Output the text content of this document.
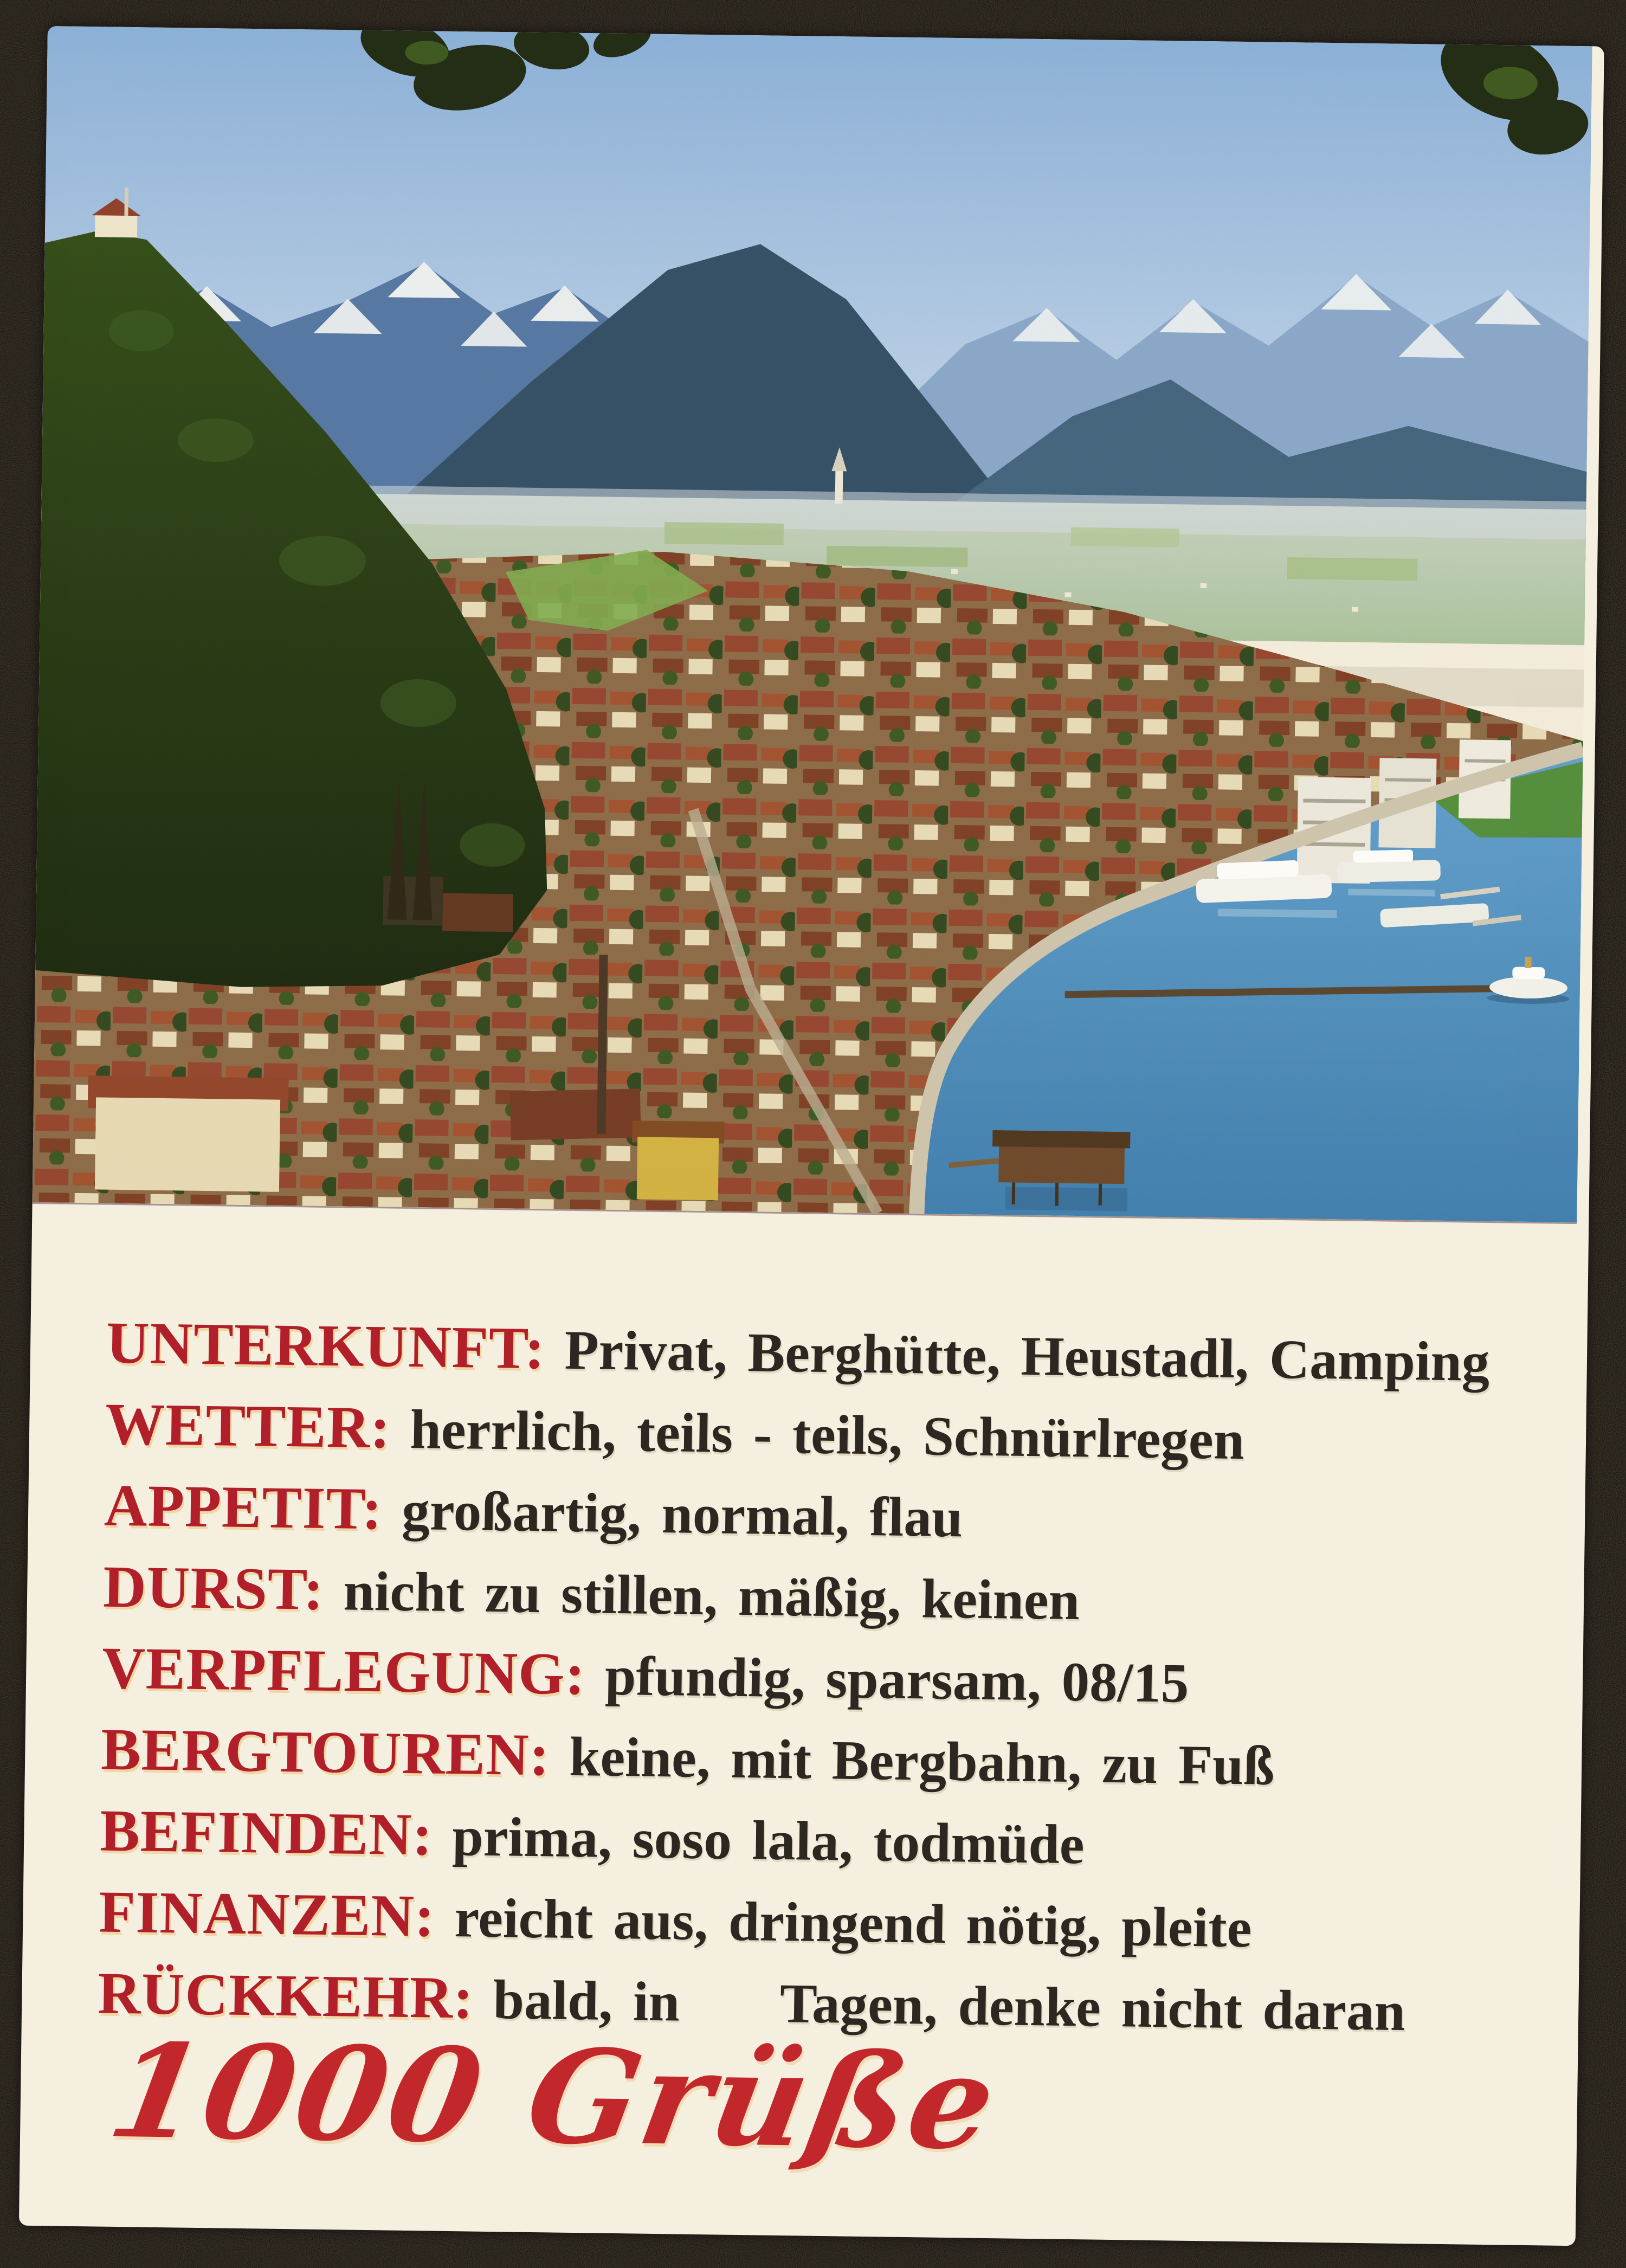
UNTERKUNFT: Privat, Berghütte, Heustadl, Camping
WETTER: herrlich, teils - teils, Schnürlregen
APPETIT: großartig, normal, flau
DURST: nicht zu stillen, mäßig, keinen
VERPFLEGUNG: pfundig, sparsam, 08/15
BERGTOUREN: keine, mit Bergbahn, zu Fuß
BEFINDEN: prima, soso lala, todmüde
FINANZEN: reicht aus, dringend nötig, pleite
RÜCKKEHR: bald, in Tagen, denke nicht daran
1000 Grüße
